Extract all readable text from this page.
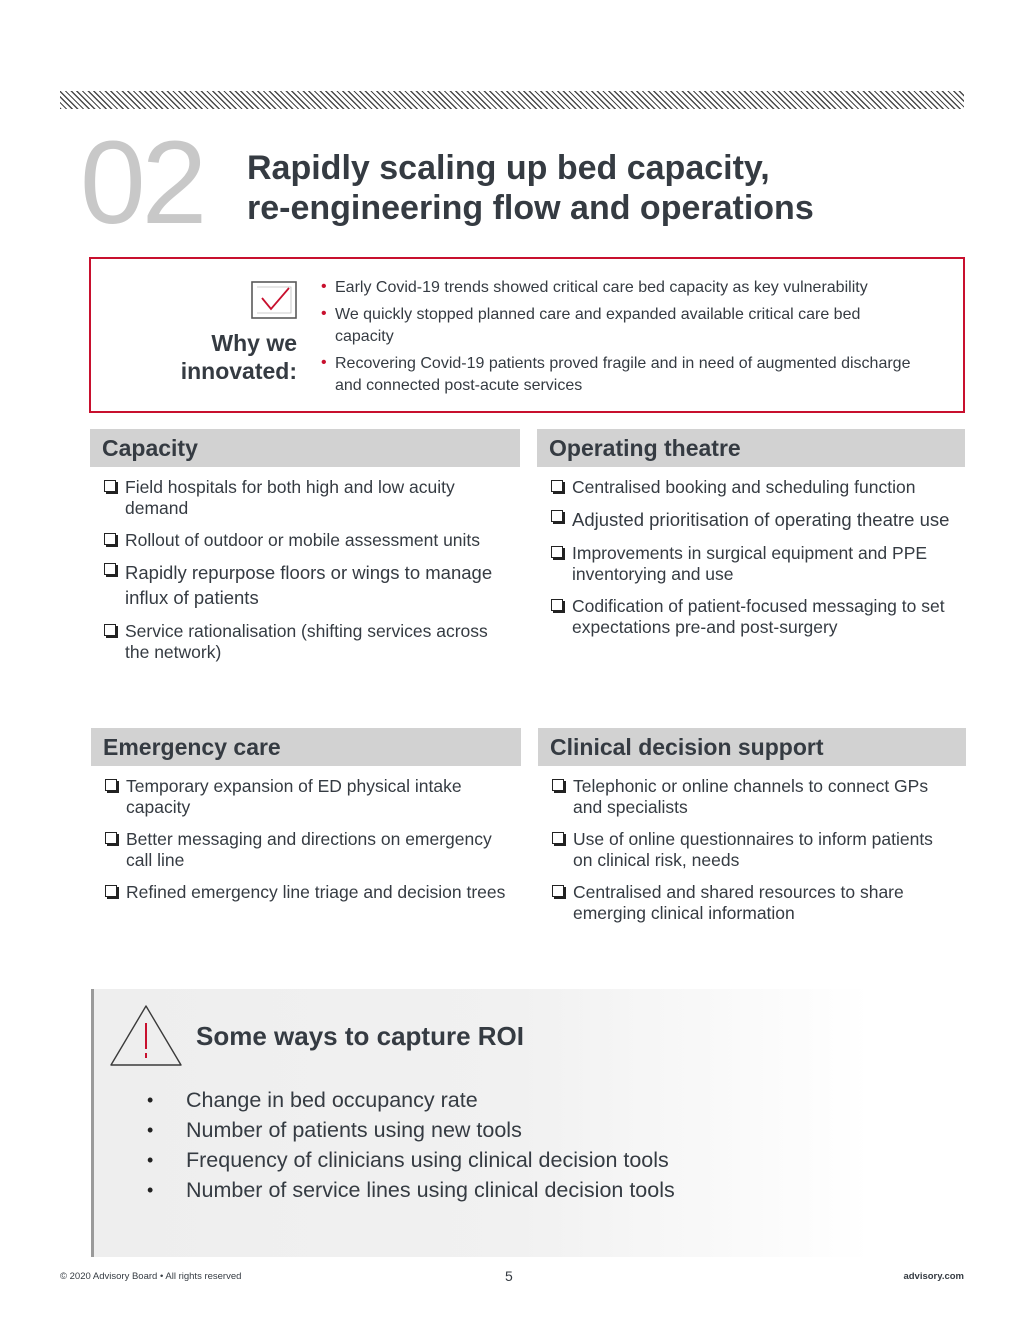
02 Rapidly scaling up bed capacity,
re-engineering flow and operations
Why we
innovated:
• Early Covid-19 trends showed critical care bed capacity as key vulnerability
• We quickly stopped planned care and expanded available critical care bed capacity
• Recovering Covid-19 patients proved fragile and in need of augmented discharge and connected post-acute services
Capacity
Field hospitals for both high and low acuity demand
Rollout of outdoor or mobile assessment units
Rapidly repurpose floors or wings to manage influx of patients
Service rationalisation (shifting services across the network)
Operating theatre
Centralised booking and scheduling function
Adjusted prioritisation of operating theatre use
Improvements in surgical equipment and PPE inventorying and use
Codification of patient-focused messaging to set expectations pre-and post-surgery
Emergency care
Temporary expansion of ED physical intake capacity
Better messaging and directions on emergency call line
Refined emergency line triage and decision trees
Clinical decision support
Telephonic or online channels to connect GPs and specialists
Use of online questionnaires to inform patients on clinical risk, needs
Centralised and shared resources to share emerging clinical information
Some ways to capture ROI
• Change in bed occupancy rate
• Number of patients using new tools
• Frequency of clinicians using clinical decision tools
• Number of service lines using clinical decision tools
© 2020 Advisory Board • All rights reserved	5	advisory.com
